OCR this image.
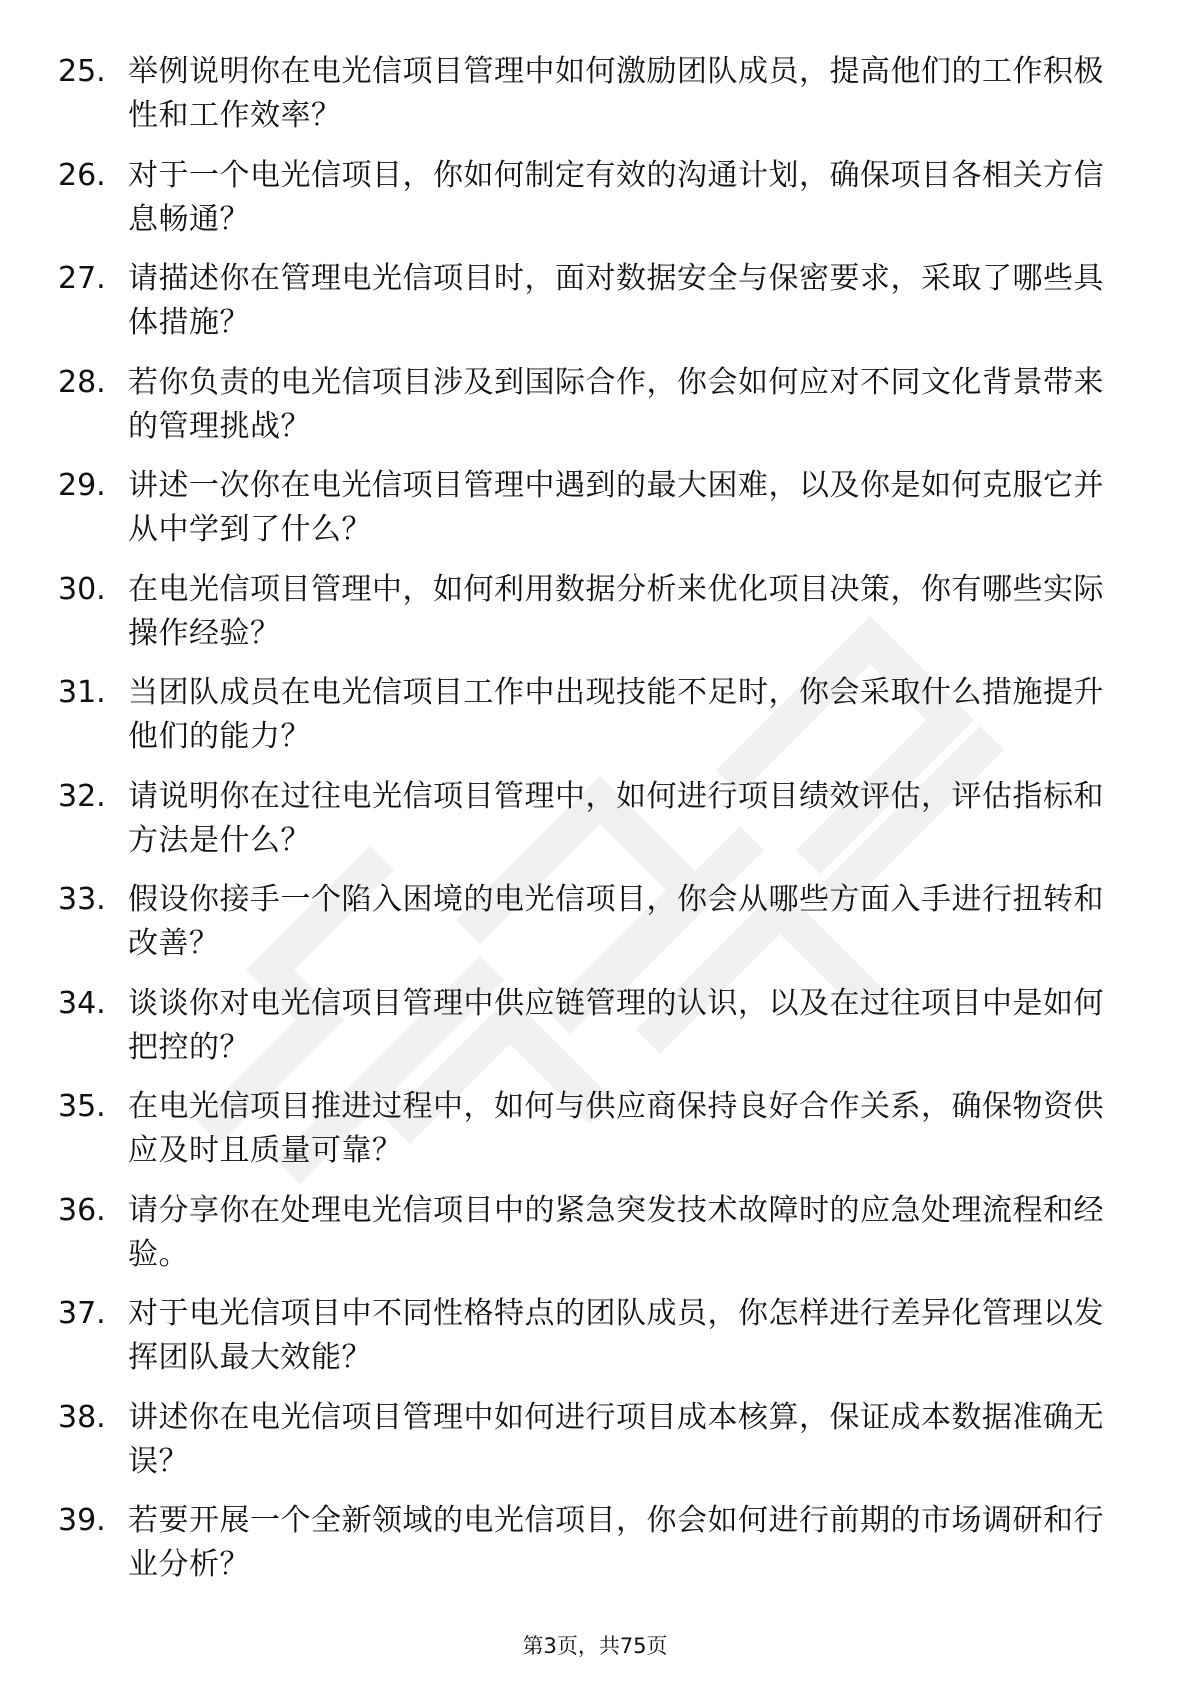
25. 举例说明你在电光信项目管理中如何激励团队成员，提高他们的工作积极性和工作效率？
26. 对于一个电光信项目，你如何制定有效的沟通计划，确保项目各相关方信息畅通？
27. 请描述你在管理电光信项目时，面对数据安全与保密要求，采取了哪些具体措施？
28. 若你负责的电光信项目涉及到国际合作，你会如何应对不同文化背景带来的管理挑战？
29. 讲述一次你在电光信项目管理中遇到的最大困难，以及你是如何克服它并从中学到了什么？
30. 在电光信项目管理中，如何利用数据分析来优化项目决策，你有哪些实际操作经验？
31. 当团队成员在电光信项目工作中出现技能不足时，你会采取什么措施提升他们的能力？
32. 请说明你在过往电光信项目管理中，如何进行项目绩效评估，评估指标和方法是什么？
33. 假设你接手一个陷入困境的电光信项目，你会从哪些方面入手进行扭转和改善？
34. 谈谈你对电光信项目管理中供应链管理的认识，以及在过往项目中是如何把控的？
35. 在电光信项目推进过程中，如何与供应商保持良好合作关系，确保物资供应及时且质量可靠？
36. 请分享你在处理电光信项目中的紧急突发技术故障时的应急处理流程和经验。
37. 对于电光信项目中不同性格特点的团队成员，你怎样进行差异化管理以发挥团队最大效能？
38. 讲述你在电光信项目管理中如何进行项目成本核算，保证成本数据准确无误？
39. 若要开展一个全新领域的电光信项目，你会如何进行前期的市场调研和行业分析？
第3页，共75页
